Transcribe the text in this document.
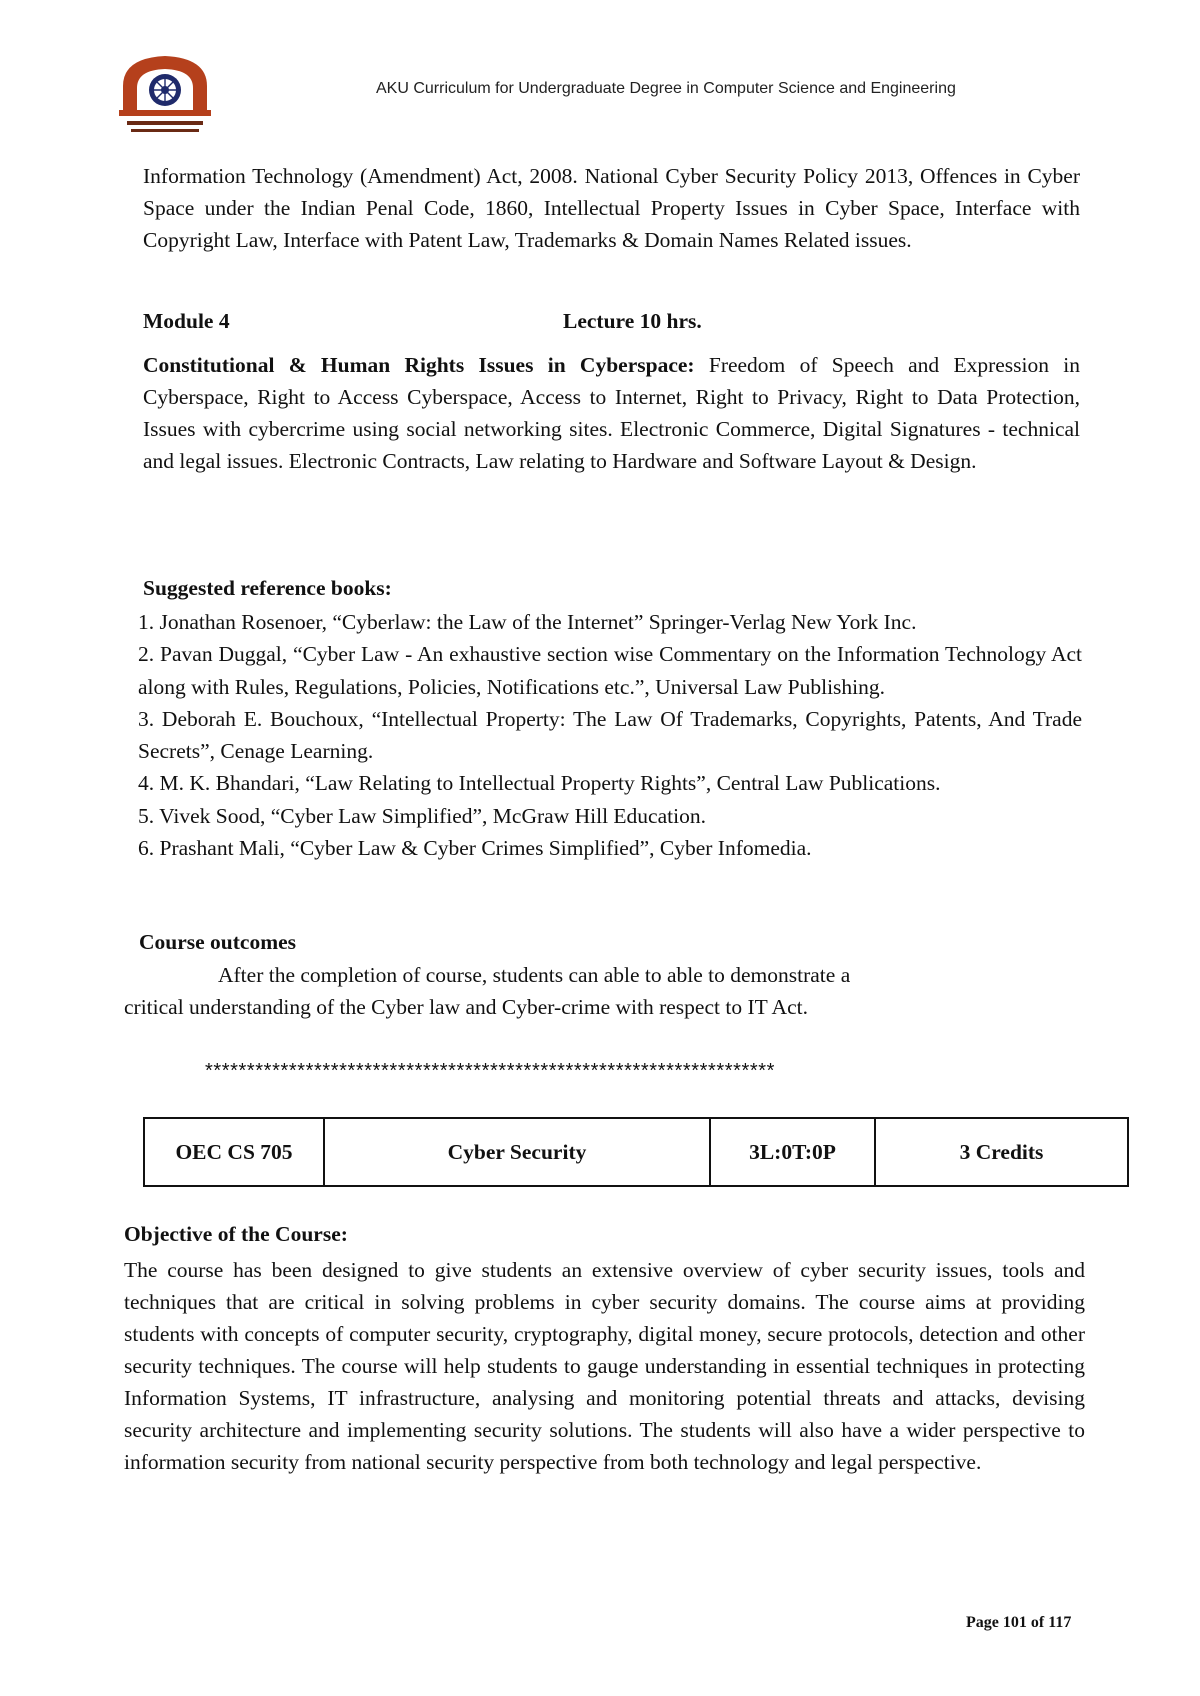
AKU Curriculum for Undergraduate Degree in Computer Science and Engineering
Information Technology (Amendment) Act, 2008. National Cyber Security Policy 2013, Offences in Cyber Space under the Indian Penal Code, 1860, Intellectual Property Issues in Cyber Space, Interface with Copyright Law, Interface with Patent Law, Trademarks & Domain Names Related issues.
Module 4	Lecture 10 hrs.
Constitutional & Human Rights Issues in Cyberspace: Freedom of Speech and Expression in Cyberspace, Right to Access Cyberspace, Access to Internet, Right to Privacy, Right to Data Protection, Issues with cybercrime using social networking sites. Electronic Commerce, Digital Signatures - technical and legal issues. Electronic Contracts, Law relating to Hardware and Software Layout & Design.
Suggested reference books:
1. Jonathan Rosenoer, “Cyberlaw: the Law of the Internet” Springer-Verlag New York Inc.
2. Pavan Duggal, “Cyber Law - An exhaustive section wise Commentary on the Information Technology Act along with Rules, Regulations, Policies, Notifications etc.”, Universal Law Publishing.
3. Deborah E. Bouchoux, “Intellectual Property: The Law Of Trademarks, Copyrights, Patents, And Trade Secrets”, Cenage Learning.
4. M. K. Bhandari, “Law Relating to Intellectual Property Rights”, Central Law Publications.
5. Vivek Sood, “Cyber Law Simplified”, McGraw Hill Education.
6. Prashant Mali, “Cyber Law & Cyber Crimes Simplified”, Cyber Infomedia.
Course outcomes
After the completion of course, students can able to able to demonstrate a
critical understanding of the Cyber law and Cyber-crime with respect to IT Act.
********************************************************************
OEC CS 705	Cyber Security	3L:0T:0P	3 Credits
Objective of the Course:
The course has been designed to give students an extensive overview of cyber security issues, tools and techniques that are critical in solving problems in cyber security domains. The course aims at providing students with concepts of computer security, cryptography, digital money, secure protocols, detection and other security techniques. The course will help students to gauge understanding in essential techniques in protecting Information Systems, IT infrastructure, analysing and monitoring potential threats and attacks, devising security architecture and implementing security solutions. The students will also have a wider perspective to information security from national security perspective from both technology and legal perspective.
Page 101 of 117
